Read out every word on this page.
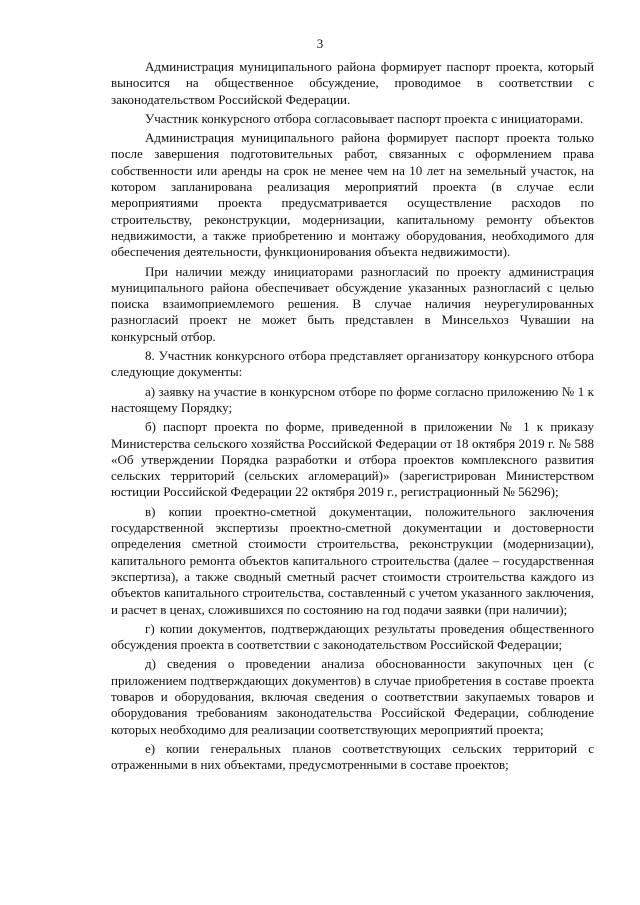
3

Администрация муниципального района формирует паспорт проекта, который выносится на общественное обсуждение, проводимое в соответствии с законодательством Российской Федерации.

Участник конкурсного отбора согласовывает паспорт проекта с инициаторами.

Администрация муниципального района формирует паспорт проекта только после завершения подготовительных работ, связанных с оформлением права собственности или аренды на срок не менее чем на 10 лет на земельный участок, на котором запланирована реализация мероприятий проекта (в случае если мероприятиями проекта предусматривается осуществление расходов по строительству, реконструкции, модернизации, капитальному ремонту объектов недвижимости, а также приобретению и монтажу оборудования, необходимого для обеспечения деятельности, функционирования объекта недвижимости).

При наличии между инициаторами разногласий по проекту администрация муниципального района обеспечивает обсуждение указанных разногласий с целью поиска взаимоприемлемого решения. В случае наличия неурегулированных разногласий проект не может быть представлен в Минсельхоз Чувашии на конкурсный отбор.

8. Участник конкурсного отбора представляет организатору конкурсного отбора следующие документы:

а) заявку на участие в конкурсном отборе по форме согласно приложению № 1 к настоящему Порядку;

б) паспорт проекта по форме, приведенной в приложении № 1 к приказу Министерства сельского хозяйства Российской Федерации от 18 октября 2019 г. № 588 «Об утверждении Порядка разработки и отбора проектов комплексного развития сельских территорий (сельских агломераций)» (зарегистрирован Министерством юстиции Российской Федерации 22 октября 2019 г., регистрационный № 56296);

в) копии проектно-сметной документации, положительного заключения государственной экспертизы проектно-сметной документации и достоверности определения сметной стоимости строительства, реконструкции (модернизации), капитального ремонта объектов капитального строительства (далее – государственная экспертиза), а также сводный сметный расчет стоимости строительства каждого из объектов капитального строительства, составленный с учетом указанного заключения, и расчет в ценах, сложившихся по состоянию на год подачи заявки (при наличии);

г) копии документов, подтверждающих результаты проведения общественного обсуждения проекта в соответствии с законодательством Российской Федерации;

д) сведения о проведении анализа обоснованности закупочных цен (с приложением подтверждающих документов) в случае приобретения в составе проекта товаров и оборудования, включая сведения о соответствии закупаемых товаров и оборудования требованиям законодательства Российской Федерации, соблюдение которых необходимо для реализации соответствующих мероприятий проекта;

е) копии генеральных планов соответствующих сельских территорий с отраженными в них объектами, предусмотренными в составе проектов;
